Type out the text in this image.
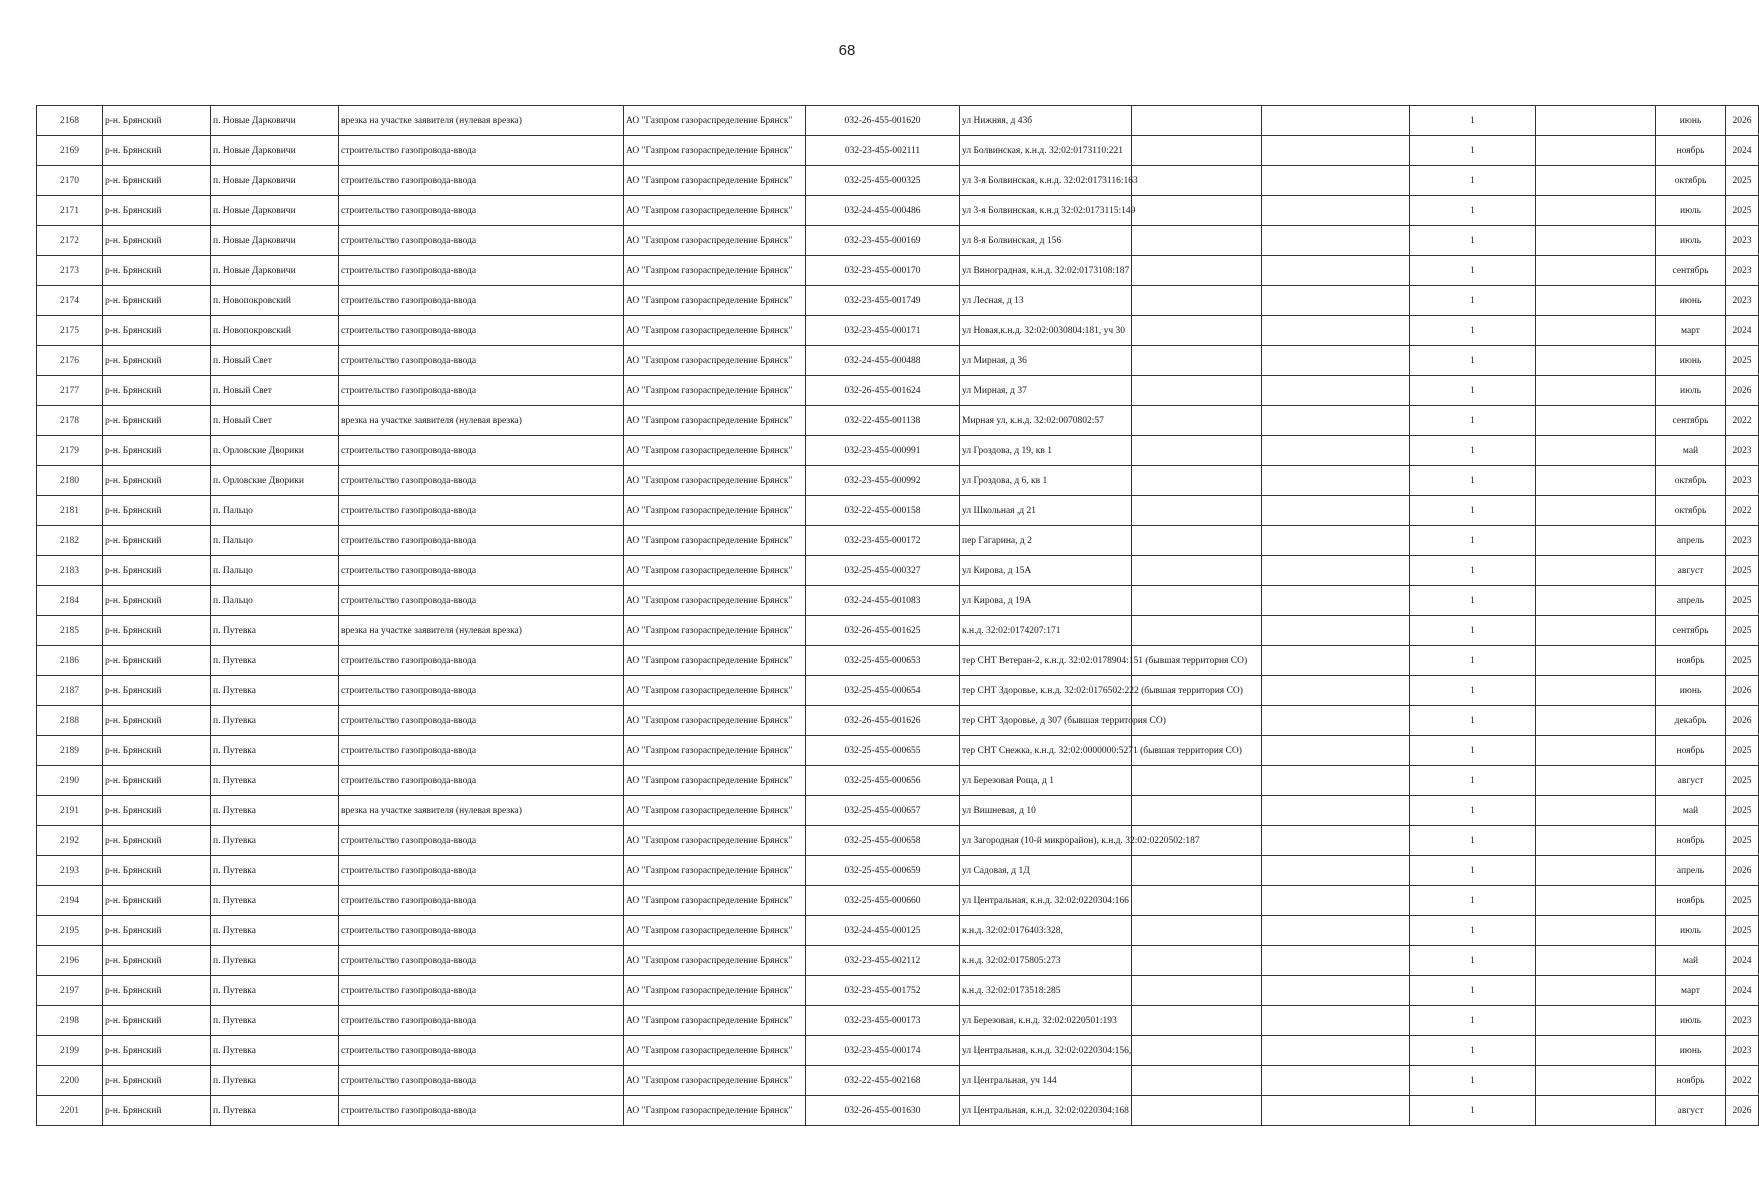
68
2168	р-н. Брянский	п. Новые Дарковичи	врезка на участке заявителя (нулевая врезка)	АО "Газпром газораспределение Брянск"	032-26-455-001620	ул Нижняя, д 43б			1		июнь	2026
2169	р-н. Брянский	п. Новые Дарковичи	строительство газопровода-ввода	АО "Газпром газораспределение Брянск"	032-23-455-002111	ул Болвинская, к.н.д. 32:02:0173110:221			1		ноябрь	2024
2170	р-н. Брянский	п. Новые Дарковичи	строительство газопровода-ввода	АО "Газпром газораспределение Брянск"	032-25-455-000325	ул 3-я Болвинская, к.н.д. 32:02:0173116:163			1		октябрь	2025
2171	р-н. Брянский	п. Новые Дарковичи	строительство газопровода-ввода	АО "Газпром газораспределение Брянск"	032-24-455-000486	ул 3-я Болвинская, к.н.д 32:02:0173115:149			1		июль	2025
2172	р-н. Брянский	п. Новые Дарковичи	строительство газопровода-ввода	АО "Газпром газораспределение Брянск"	032-23-455-000169	ул 8-я Болвинская, д 156			1		июль	2023
2173	р-н. Брянский	п. Новые Дарковичи	строительство газопровода-ввода	АО "Газпром газораспределение Брянск"	032-23-455-000170	ул Виноградная, к.н.д. 32:02:0173108:187			1		сентябрь	2023
2174	р-н. Брянский	п. Новопокровский	строительство газопровода-ввода	АО "Газпром газораспределение Брянск"	032-23-455-001749	ул Лесная, д 13			1		июнь	2023
2175	р-н. Брянский	п. Новопокровский	строительство газопровода-ввода	АО "Газпром газораспределение Брянск"	032-23-455-000171	ул Новая,к.н.д. 32:02:0030804:181, уч 30			1		март	2024
2176	р-н. Брянский	п. Новый Свет	строительство газопровода-ввода	АО "Газпром газораспределение Брянск"	032-24-455-000488	ул Мирная, д 36			1		июнь	2025
2177	р-н. Брянский	п. Новый Свет	строительство газопровода-ввода	АО "Газпром газораспределение Брянск"	032-26-455-001624	ул Мирная, д 37			1		июль	2026
2178	р-н. Брянский	п. Новый Свет	врезка на участке заявителя (нулевая врезка)	АО "Газпром газораспределение Брянск"	032-22-455-001138	Мирная ул, к.н.д. 32:02:0070802:57			1		сентябрь	2022
2179	р-н. Брянский	п. Орловские Дворики	строительство газопровода-ввода	АО "Газпром газораспределение Брянск"	032-23-455-000991	ул Гроздова, д 19, кв 1			1		май	2023
2180	р-н. Брянский	п. Орловские Дворики	строительство газопровода-ввода	АО "Газпром газораспределение Брянск"	032-23-455-000992	ул Гроздова, д 6, кв 1			1		октябрь	2023
2181	р-н. Брянский	п. Пальцо	строительство газопровода-ввода	АО "Газпром газораспределение Брянск"	032-22-455-000158	ул Школьная ,д 21			1		октябрь	2022
2182	р-н. Брянский	п. Пальцо	строительство газопровода-ввода	АО "Газпром газораспределение Брянск"	032-23-455-000172	пер Гагарина, д 2			1		апрель	2023
2183	р-н. Брянский	п. Пальцо	строительство газопровода-ввода	АО "Газпром газораспределение Брянск"	032-25-455-000327	ул Кирова, д 15А			1		август	2025
2184	р-н. Брянский	п. Пальцо	строительство газопровода-ввода	АО "Газпром газораспределение Брянск"	032-24-455-001083	ул Кирова, д 19А			1		апрель	2025
2185	р-н. Брянский	п. Путевка	врезка на участке заявителя (нулевая врезка)	АО "Газпром газораспределение Брянск"	032-26-455-001625	к.н.д. 32:02:0174207:171			1		сентябрь	2025
2186	р-н. Брянский	п. Путевка	строительство газопровода-ввода	АО "Газпром газораспределение Брянск"	032-25-455-000653	тер СНТ Ветеран-2, к.н.д. 32:02:0178904:151 (бывшая территория СО)			1		ноябрь	2025
2187	р-н. Брянский	п. Путевка	строительство газопровода-ввода	АО "Газпром газораспределение Брянск"	032-25-455-000654	тер СНТ Здоровье, к.н.д. 32:02:0176502:222 (бывшая территория СО)			1		июнь	2026
2188	р-н. Брянский	п. Путевка	строительство газопровода-ввода	АО "Газпром газораспределение Брянск"	032-26-455-001626	тер СНТ Здоровье, д 307 (бывшая территория СО)			1		декабрь	2026
2189	р-н. Брянский	п. Путевка	строительство газопровода-ввода	АО "Газпром газораспределение Брянск"	032-25-455-000655	тер СНТ Снежка, к.н.д. 32:02:0000000:5271 (бывшая территория СО)			1		ноябрь	2025
2190	р-н. Брянский	п. Путевка	строительство газопровода-ввода	АО "Газпром газораспределение Брянск"	032-25-455-000656	ул Березовая Роща, д 1			1		август	2025
2191	р-н. Брянский	п. Путевка	врезка на участке заявителя (нулевая врезка)	АО "Газпром газораспределение Брянск"	032-25-455-000657	ул Вишневая, д 10			1		май	2025
2192	р-н. Брянский	п. Путевка	строительство газопровода-ввода	АО "Газпром газораспределение Брянск"	032-25-455-000658	ул Загородная (10-й микрорайон), к.н.д. 32:02:0220502:187			1		ноябрь	2025
2193	р-н. Брянский	п. Путевка	строительство газопровода-ввода	АО "Газпром газораспределение Брянск"	032-25-455-000659	ул Садовая, д 1Д			1		апрель	2026
2194	р-н. Брянский	п. Путевка	строительство газопровода-ввода	АО "Газпром газораспределение Брянск"	032-25-455-000660	ул Центральная, к.н.д. 32:02:0220304:166			1		ноябрь	2025
2195	р-н. Брянский	п. Путевка	строительство газопровода-ввода	АО "Газпром газораспределение Брянск"	032-24-455-000125	к.н.д. 32:02:0176403:328,			1		июль	2025
2196	р-н. Брянский	п. Путевка	строительство газопровода-ввода	АО "Газпром газораспределение Брянск"	032-23-455-002112	к.н.д. 32:02:0175805:273			1		май	2024
2197	р-н. Брянский	п. Путевка	строительство газопровода-ввода	АО "Газпром газораспределение Брянск"	032-23-455-001752	к.н.д. 32:02:0173518:285			1		март	2024
2198	р-н. Брянский	п. Путевка	строительство газопровода-ввода	АО "Газпром газораспределение Брянск"	032-23-455-000173	ул Березовая, к.н.д. 32:02:0220501:193			1		июль	2023
2199	р-н. Брянский	п. Путевка	строительство газопровода-ввода	АО "Газпром газораспределение Брянск"	032-23-455-000174	ул Центральная, к.н.д. 32:02:0220304:156,			1		июнь	2023
2200	р-н. Брянский	п. Путевка	строительство газопровода-ввода	АО "Газпром газораспределение Брянск"	032-22-455-002168	ул Центральная, уч 144			1		ноябрь	2022
2201	р-н. Брянский	п. Путевка	строительство газопровода-ввода	АО "Газпром газораспределение Брянск"	032-26-455-001630	ул Центральная, к.н.д. 32:02:0220304:168			1		август	2026
